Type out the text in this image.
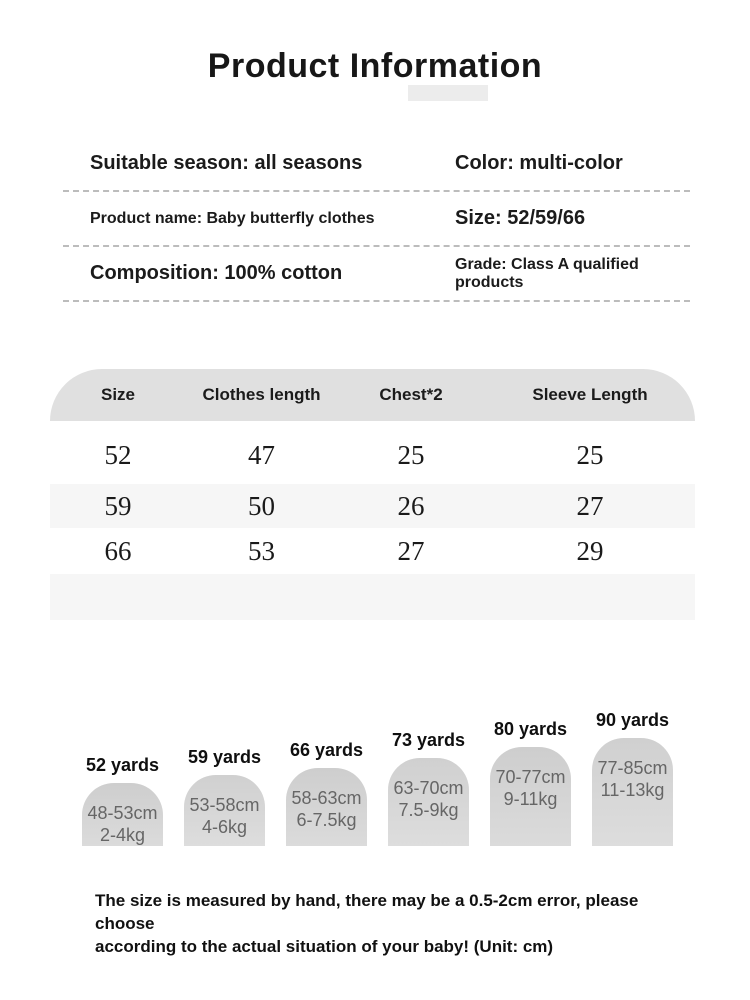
Product Information
Suitable season: all seasons	Color: multi-color
Product name: Baby butterfly clothes	Size: 52/59/66
Composition: 100% cotton	Grade: Class A qualified products
Size	Clothes length	Chest*2	Sleeve Length
52	47	25	25
59	50	26	27
66	53	27	29
52 yards
48-53cm
2-4kg
59 yards
53-58cm
4-6kg
66 yards
58-63cm
6-7.5kg
73 yards
63-70cm
7.5-9kg
80 yards
70-77cm
9-11kg
90 yards
77-85cm
11-13kg
The size is measured by hand, there may be a 0.5-2cm error, please choose
according to the actual situation of your baby! (Unit: cm)
